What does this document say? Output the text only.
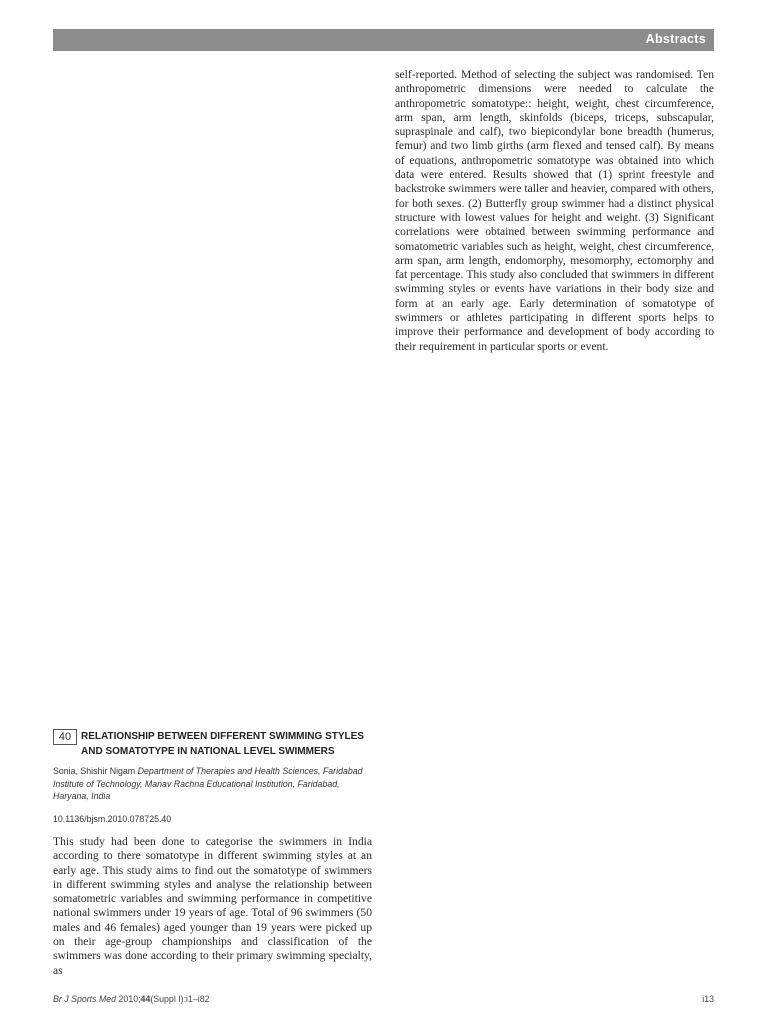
Abstracts

self-reported. Method of selecting the subject was randomised. Ten anthropometric dimensions were needed to calculate the anthropometric somatotype:: height, weight, chest circumference, arm span, arm length, skinfolds (biceps, triceps, subscapular, supraspinale and calf), two biepicondylar bone breadth (humerus, femur) and two limb girths (arm flexed and tensed calf). By means of equations, anthropometric somatotype was obtained into which data were entered. Results showed that (1) sprint freestyle and backstroke swimmers were taller and heavier, compared with others, for both sexes. (2) Butterfly group swimmer had a distinct physical structure with lowest values for height and weight. (3) Significant correlations were obtained between swimming performance and somatometric variables such as height, weight, chest circumference, arm span, arm length, endomorphy, mesomorphy, ectomorphy and fat percentage. This study also concluded that swimmers in different swimming styles or events have variations in their body size and form at an early age. Early determination of somatotype of swimmers or athletes participating in different sports helps to improve their performance and development of body according to their requirement in particular sports or event.

40 RELATIONSHIP BETWEEN DIFFERENT SWIMMING STYLES AND SOMATOTYPE IN NATIONAL LEVEL SWIMMERS

Sonia, Shishir Nigam Department of Therapies and Health Sciences, Faridabad Institute of Technology, Manav Rachna Educational Institution, Faridabad, Haryana, India

10.1136/bjsm.2010.078725.40

This study had been done to categorise the swimmers in India according to there somatotype in different swimming styles at an early age. This study aims to find out the somatotype of swimmers in different swimming styles and analyse the relationship between somatometric variables and swimming performance in competitive national swimmers under 19 years of age. Total of 96 swimmers (50 males and 46 females) aged younger than 19 years were picked up on their age-group championships and classification of the swimmers was done according to their primary swimming specialty, as

Br J Sports Med 2010;44(Suppl I):i1–i82	i13
